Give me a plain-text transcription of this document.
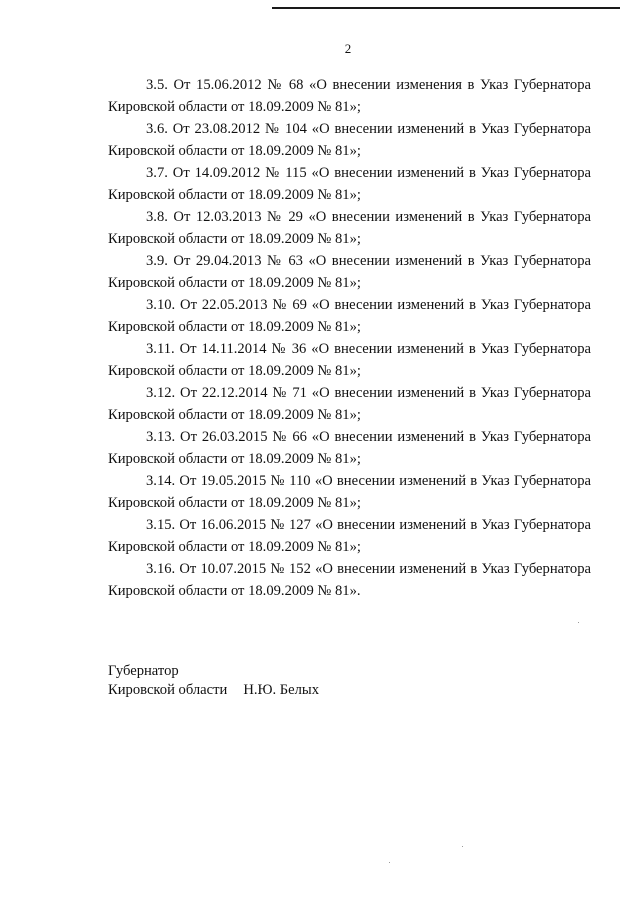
2

3.5. От 15.06.2012 № 68 «О внесении изменения в Указ Губернатора
Кировской области от 18.09.2009 № 81»;

3.6. От 23.08.2012 № 104 «О внесении изменений в Указ Губернатора
Кировской области от 18.09.2009 № 81»;

3.7. От 14.09.2012 № 115 «О внесении изменений в Указ Губернатора
Кировской области от 18.09.2009 № 81»;

3.8. От 12.03.2013 № 29 «О внесении изменений в Указ Губернатора
Кировской области от 18.09.2009 № 81»;

3.9. От 29.04.2013 № 63 «О внесении изменений в Указ Губернатора
Кировской области от 18.09.2009 № 81»;

3.10. От 22.05.2013 № 69 «О внесении изменений в Указ Губернатора
Кировской области от 18.09.2009 № 81»;

3.11. От 14.11.2014 № 36 «О внесении изменений в Указ Губернатора
Кировской области от 18.09.2009 № 81»;

3.12. От 22.12.2014 № 71 «О внесении изменений в Указ Губернатора
Кировской области от 18.09.2009 № 81»;

3.13. От 26.03.2015 № 66 «О внесении изменений в Указ Губернатора
Кировской области от 18.09.2009 № 81»;

3.14. От 19.05.2015 № 110 «О внесении изменений в Указ Губернатора
Кировской области от 18.09.2009 № 81»;

3.15. От 16.06.2015 № 127 «О внесении изменений в Указ Губернатора
Кировской области от 18.09.2009 № 81»;

3.16. От 10.07.2015 № 152 «О внесении изменений в Указ Губернатора
Кировской области от 18.09.2009 № 81».

Губернатор
Кировской области Н.Ю. Белых
